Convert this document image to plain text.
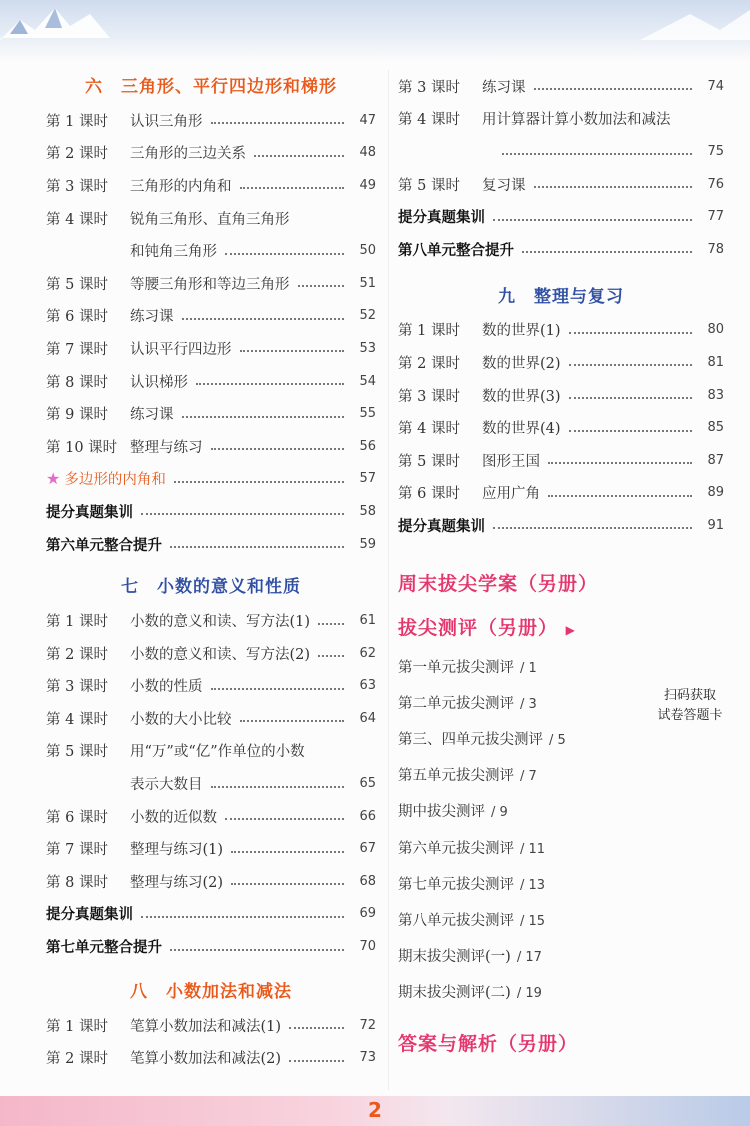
六　三角形、平行四边形和梯形
第 1 课时	认识三角形	47
第 2 课时	三角形的三边关系	48
第 3 课时	三角形的内角和	49
第 4 课时	锐角三角形、直角三角形
和钝角三角形	50
第 5 课时	等腰三角形和等边三角形	51
第 6 课时	练习课	52
第 7 课时	认识平行四边形	53
第 8 课时	认识梯形	54
第 9 课时	练习课	55
第 10 课时 整理与练习	56
★ 多边形的内角和	57
提分真题集训	58
第六单元整合提升	59
七　小数的意义和性质
第 1 课时	小数的意义和读、写方法(1)	61
第 2 课时	小数的意义和读、写方法(2)	62
第 3 课时	小数的性质	63
第 4 课时	小数的大小比较	64
第 5 课时	用“万”或“亿”作单位的小数
表示大数目	65
第 6 课时	小数的近似数	66
第 7 课时	整理与练习(1)	67
第 8 课时	整理与练习(2)	68
提分真题集训	69
第七单元整合提升	70
八　小数加法和减法
第 1 课时	笔算小数加法和减法(1)	72
第 2 课时	笔算小数加法和减法(2)	73
第 3 课时	练习课	74
第 4 课时	用计算器计算小数加法和减法
75
第 5 课时	复习课	76
提分真题集训	77
第八单元整合提升	78
九　整理与复习
第 1 课时	数的世界(1)	80
第 2 课时	数的世界(2)	81
第 3 课时	数的世界(3)	83
第 4 课时	数的世界(4)	85
第 5 课时	图形王国	87
第 6 课时	应用广角	89
提分真题集训	91
周末拔尖学案（另册）
拔尖测评（另册） ▶
第一单元拔尖测评 / 1
第二单元拔尖测评 / 3
第三、四单元拔尖测评 / 5
第五单元拔尖测评 / 7
期中拔尖测评 / 9
第六单元拔尖测评 / 11
第七单元拔尖测评 / 13
第八单元拔尖测评 / 15
期末拔尖测评(一) / 17
期末拔尖测评(二) / 19
答案与解析（另册）
扫码获取
试卷答题卡
2
